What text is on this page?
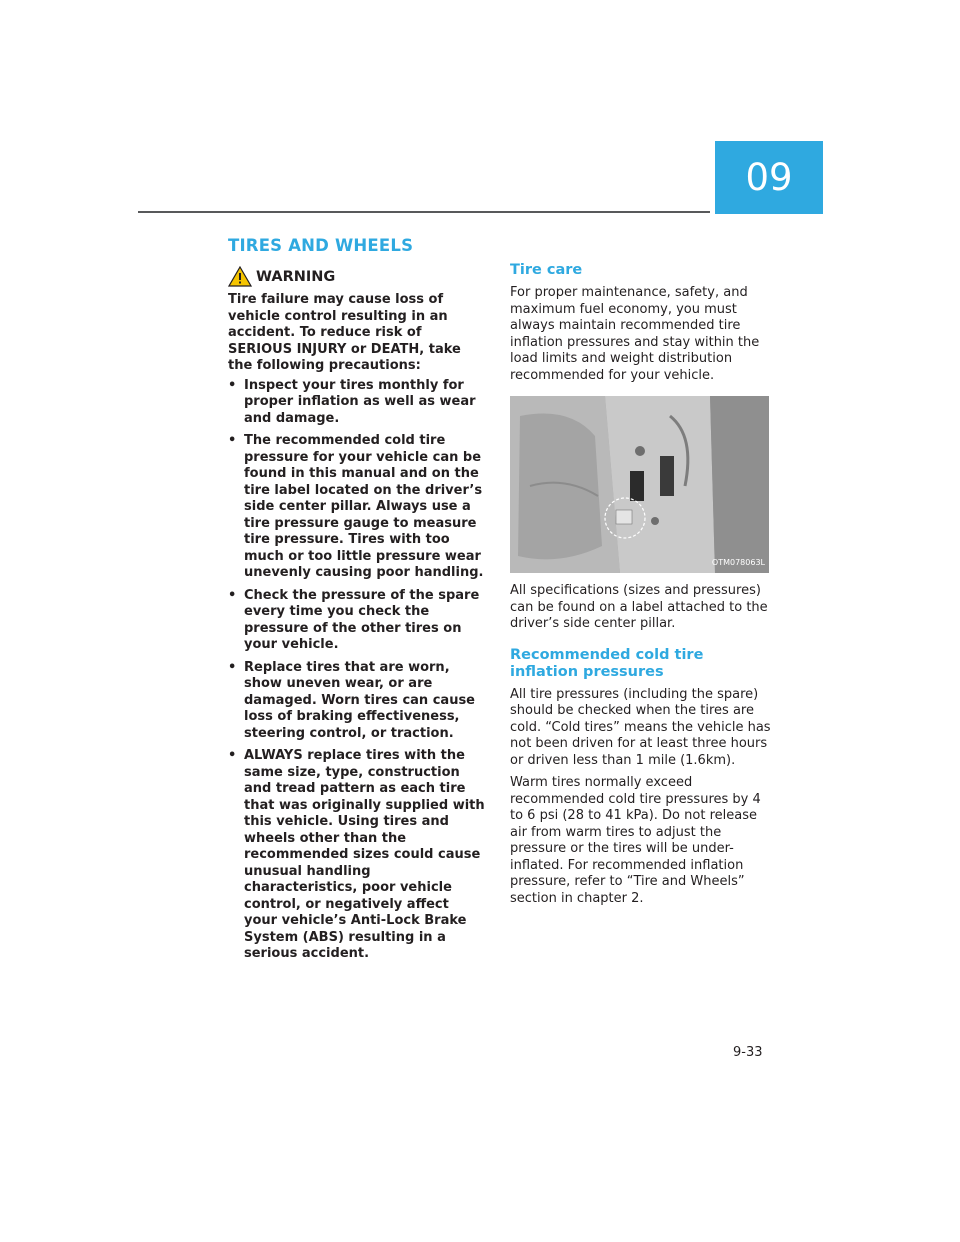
09
TIRES AND WHEELS
WARNING

Tire failure may cause loss of vehicle control resulting in an accident. To reduce risk of SERIOUS INJURY or DEATH, take the following precautions:

• Inspect your tires monthly for proper inflation as well as wear and damage.
• The recommended cold tire pressure for your vehicle can be found in this manual and on the tire label located on the driver’s side center pillar. Always use a tire pressure gauge to measure tire pressure. Tires with too much or too little pressure wear unevenly causing poor handling.
• Check the pressure of the spare every time you check the pressure of the other tires on your vehicle.
• Replace tires that are worn, show uneven wear, or are damaged. Worn tires can cause loss of braking effectiveness, steering control, or traction.
• ALWAYS replace tires with the same size, type, construction and tread pattern as each tire that was originally supplied with this vehicle. Using tires and wheels other than the recommended sizes could cause unusual handling characteristics, poor vehicle control, or negatively affect your vehicle’s Anti-Lock Brake System (ABS) resulting in a serious accident.
Tire care

For proper maintenance, safety, and maximum fuel economy, you must always maintain recommended tire inflation pressures and stay within the load limits and weight distribution recommended for your vehicle.

OTM078063L

All specifications (sizes and pressures) can be found on a label attached to the driver’s side center pillar.

Recommended cold tire inflation pressures

All tire pressures (including the spare) should be checked when the tires are cold. “Cold tires” means the vehicle has not been driven for at least three hours or driven less than 1 mile (1.6km).

Warm tires normally exceed recommended cold tire pressures by 4 to 6 psi (28 to 41 kPa). Do not release air from warm tires to adjust the pressure or the tires will be under-inflated. For recommended inflation pressure, refer to “Tire and Wheels” section in chapter 2.

9-33
